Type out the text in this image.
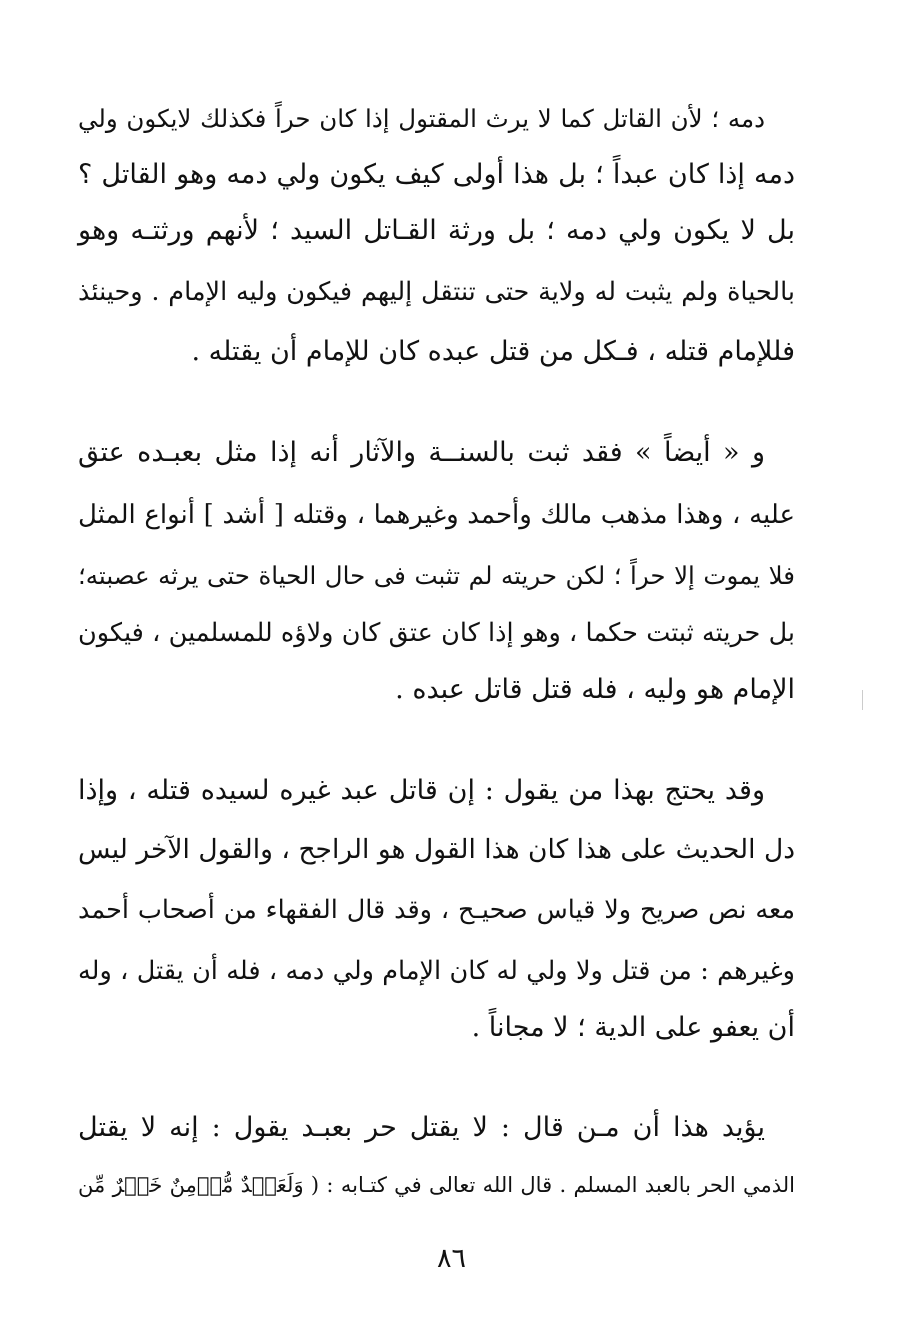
دمه ؛ لأن القاتل كما لا يرث المقتول إذا كان حراً فكذلك لايكون ولي
دمه إذا كان عبداً ؛ بل هذا أولى كيف يكون ولي دمه وهو القاتل ؟
بل لا يكون ولي دمه ؛ بل ورثة القـاتل السيد ؛ لأنهم ورثتـه وهو
بالحياة ولم يثبت له ولاية حتى تنتقل إليهم فيكون وليه الإمام . وحينئذ
فللإمام قتله ، فـكل من قتل عبده كان للإمام أن يقتله .
و « أيضاً » فقد ثبت بالسنــة والآثار أنه إذا مثل بعبـده عتق
عليه ، وهذا مذهب مالك وأحمد وغيرهما ، وقتله [ أشد ] أنواع المثل
فلا يموت إلا حراً ؛ لكن حريته لم تثبت فى حال الحياة حتى يرثه عصبته؛
بل حريته ثبتت حكما ، وهو إذا كان عتق كان ولاؤه للمسلمين ، فيكون
الإمام هو وليه ، فله قتل قاتل عبده .
وقد يحتج بهذا من يقول : إن قاتل عبد غيره لسيده قتله ، وإذا
دل الحديث على هذا كان هذا القول هو الراجح ، والقول الآخر ليس
معه نص صريح ولا قياس صحيـح ، وقد قال الفقهاء من أصحاب أحمد
وغيرهم : من قتل ولا ولي له كان الإمام ولي دمه ، فله أن يقتل ، وله
أن يعفو على الدية ؛ لا مجاناً .
يؤيد هذا أن مـن قال : لا يقتل حر بعبـد يقول : إنه لا يقتل
الذمي الحر بالعبد المسلم . قال الله تعالى في كتـابه : ( وَلَعَبۡدٌ مُّؤۡمِنٌ خَيۡرٌ مِّن
٨٦
